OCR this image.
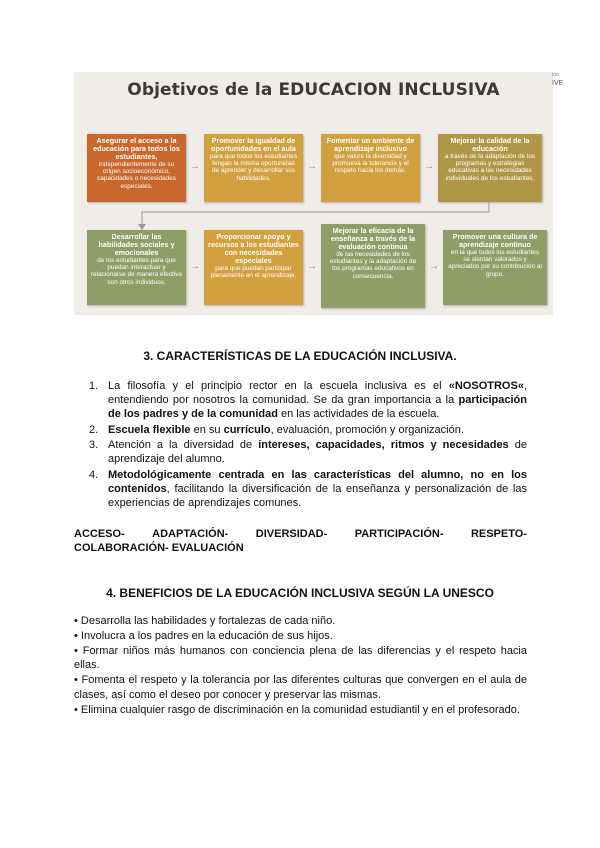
Objetivos de la EDUCACION INCLUSIVA
Asegurar el acceso a la educación para todos los estudiantes,
independientemente de su origen socioeconómico, capacidades o necesidades especiales.
→
Promover la igualdad de oportunidades en el aula
para que todos los estudiantes tengan la misma oportunidad de aprender y desarrollar sus habilidades.
→
Fomentar un ambiente de aprendizaje inclusivo
que valore la diversidad y promueva la tolerancia y el respeto hacia los demás.	→
Mejorar la calidad de la educación
a través de la adaptación de los programas y estrategias educativas a las necesidades individuales de los estudiantes.
Desarrollar las habilidades sociales y emocionales
de los estudiantes para que puedan interactuar y relacionarse de manera efectiva con otros individuos.
→
Proporcionar apoyo y recursos a los estudiantes con necesidades especiales
para que puedan participar plenamente en el aprendizaje.
→
Mejorar la eficacia de la enseñanza a través de la evaluación continua
de las necesidades de los estudiantes y la adaptación de los programas educativos en consecuencia.
→
Promover una cultura de aprendizaje continuo
en la que todos los estudiantes se sientan valorados y apreciados por su contribución al grupo.
ión
IVE
3. CARACTERÍSTICAS DE LA EDUCACIÓN INCLUSIVA.
1. La filosofía y el principio rector en la escuela inclusiva es el «NOSOTROS«, entendiendo por nosotros la comunidad. Se da gran importancia a la participación de los padres y de la comunidad en las actividades de la escuela.
2. Escuela flexible en su currículo, evaluación, promoción y organización.
3. Atención a la diversidad de intereses, capacidades, ritmos y necesidades de aprendizaje del alumno.
4. Metodológicamente centrada en las características del alumno, no en los contenidos, facilitando la diversificación de la enseñanza y personalización de las experiencias de aprendizajes comunes.
ACCESO- ADAPTACIÓN- DIVERSIDAD- PARTICIPACIÓN- RESPETO-
COLABORACIÓN- EVALUACIÓN
4. BENEFICIOS DE LA EDUCACIÓN INCLUSIVA SEGÚN LA UNESCO
• Desarrolla las habilidades y fortalezas de cada niño.
• Involucra a los padres en la educación de sus hijos.
• Formar niños más humanos con conciencia plena de las diferencias y el respeto hacia ellas.
• Fomenta el respeto y la tolerancia por las diferentes culturas que convergen en el aula de clases, así como el deseo por conocer y preservar las mismas.
• Elimina cualquier rasgo de discriminación en la comunidad estudiantil y en el profesorado.
